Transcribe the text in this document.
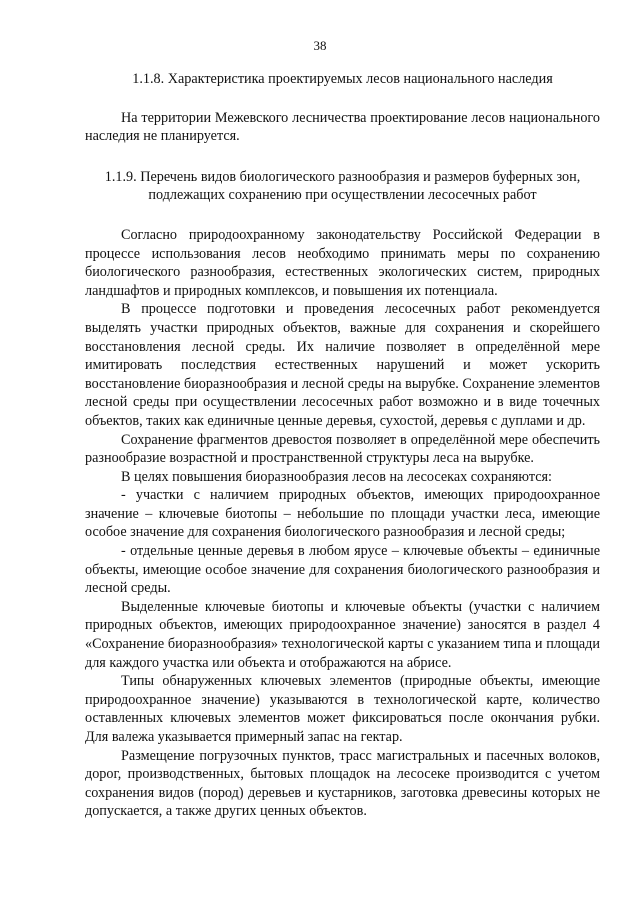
38

1.1.8. Характеристика проектируемых лесов национального наследия

На территории Межевского лесничества проектирование лесов национального наследия не планируется.

1.1.9. Перечень видов биологического разнообразия и размеров буферных зон,
подлежащих сохранению при осуществлении лесосечных работ

Согласно природоохранному законодательству Российской Федерации в процессе использования лесов необходимо принимать меры по сохранению биологического разнообразия, естественных экологических систем, природных ландшафтов и природных комплексов, и повышения их потенциала.

В процессе подготовки и проведения лесосечных работ рекомендуется выделять участки природных объектов, важные для сохранения и скорейшего восстановления лесной среды. Их наличие позволяет в определённой мере имитировать последствия естественных нарушений и может ускорить восстановление биоразнообразия и лесной среды на вырубке. Сохранение элементов лесной среды при осуществлении лесосечных работ возможно и в виде точечных объектов, таких как единичные ценные деревья, сухостой, деревья с дуплами и др.

Сохранение фрагментов древостоя позволяет в определённой мере обеспечить разнообразие возрастной и пространственной структуры леса на вырубке.

В целях повышения биоразнообразия лесов на лесосеках сохраняются:

- участки с наличием природных объектов, имеющих природоохранное значение – ключевые биотопы – небольшие по площади участки леса, имеющие особое значение для сохранения биологического разнообразия и лесной среды;

- отдельные ценные деревья в любом ярусе – ключевые объекты – единичные объекты, имеющие особое значение для сохранения биологического разнообразия и лесной среды.

Выделенные ключевые биотопы и ключевые объекты (участки с наличием природных объектов, имеющих природоохранное значение) заносятся в раздел 4 «Сохранение биоразнообразия» технологической карты с указанием типа и площади для каждого участка или объекта и отображаются на абрисе.

Типы обнаруженных ключевых элементов (природные объекты, имеющие природоохранное значение) указываются в технологической карте, количество оставленных ключевых элементов может фиксироваться после окончания рубки. Для валежа указывается примерный запас на гектар.

Размещение погрузочных пунктов, трасс магистральных и пасечных волоков, дорог, производственных, бытовых площадок на лесосеке производится с учетом сохранения видов (пород) деревьев и кустарников, заготовка древесины которых не допускается, а также других ценных объектов.
